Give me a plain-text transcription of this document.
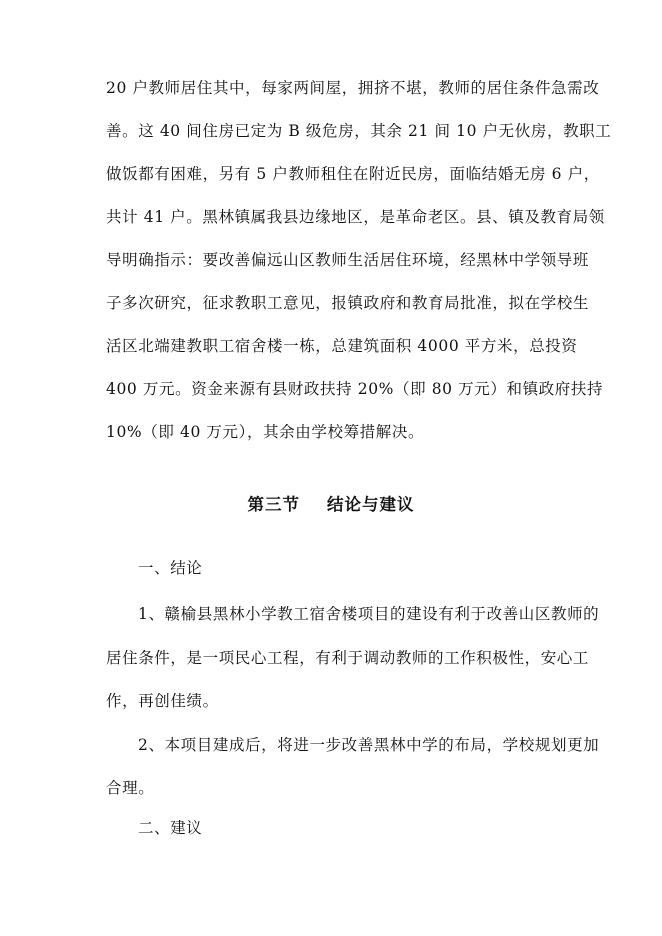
20 户教师居住其中，每家两间屋，拥挤不堪，教师的居住条件急需改
善。这 40 间住房已定为 B 级危房，其余 21 间 10 户无伙房，教职工
做饭都有困难，另有 5 户教师租住在附近民房，面临结婚无房 6 户，
共计 41 户。黑林镇属我县边缘地区，是革命老区。县、镇及教育局领
导明确指示：要改善偏远山区教师生活居住环境，经黑林中学领导班
子多次研究，征求教职工意见，报镇政府和教育局批准，拟在学校生
活区北端建教职工宿舍楼一栋，总建筑面积 4000 平方米，总投资
400 万元。资金来源有县财政扶持 20%（即 80 万元）和镇政府扶持
10%（即 40 万元），其余由学校筹措解决。
第三节    结论与建议
一、结论
1、赣榆县黑林小学教工宿舍楼项目的建设有利于改善山区教师的
居住条件，是一项民心工程，有利于调动教师的工作积极性，安心工
作，再创佳绩。
2、本项目建成后，将进一步改善黑林中学的布局，学校规划更加
合理。
二、建议
